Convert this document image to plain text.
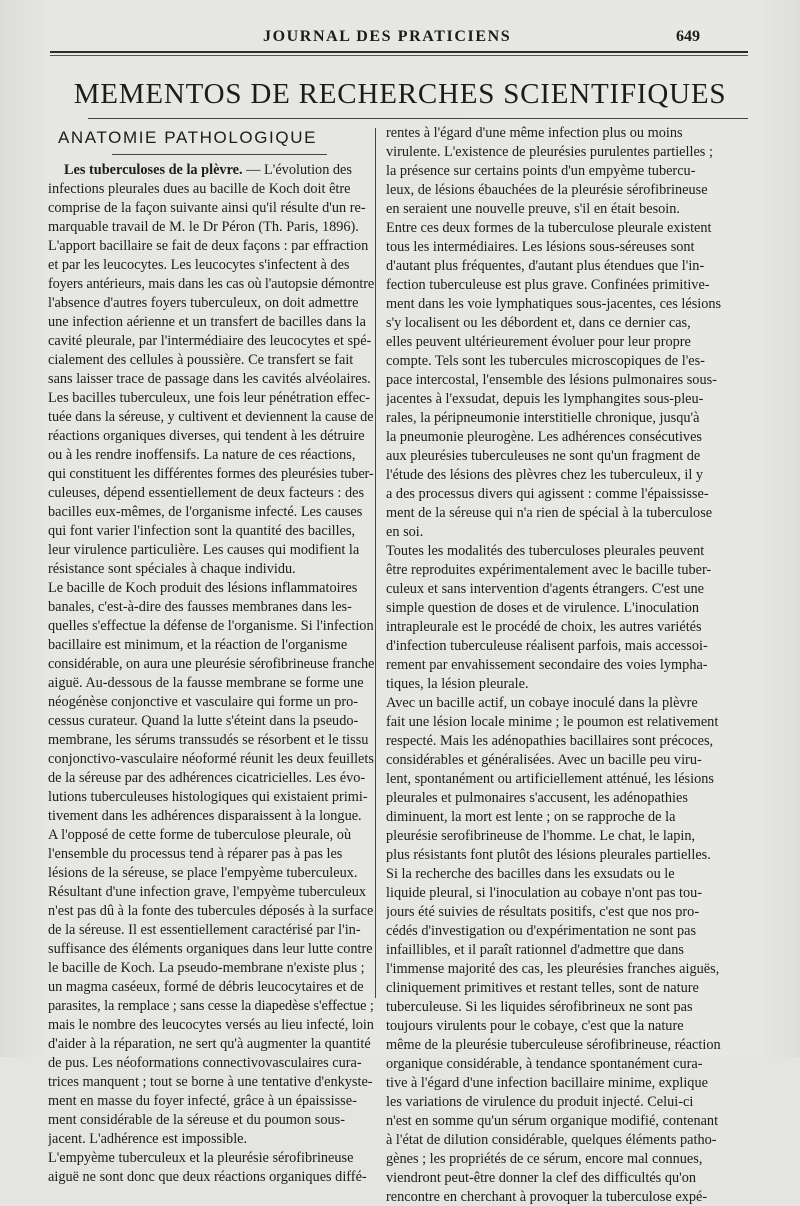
JOURNAL DES PRATICIENS	649
MEMENTOS DE RECHERCHES SCIENTIFIQUES
ANATOMIE PATHOLOGIQUE
Les tuberculoses de la plèvre. — L'évolution des
infections pleurales dues au bacille de Koch doit être
comprise de la façon suivante ainsi qu'il résulte d'un re-
marquable travail de M. le Dr Péron (Th. Paris, 1896).
L'apport bacillaire se fait de deux façons : par effraction
et par les leucocytes. Les leucocytes s'infectent à des
foyers antérieurs, mais dans les cas où l'autopsie démontre
l'absence d'autres foyers tuberculeux, on doit admettre
une infection aérienne et un transfert de bacilles dans la
cavité pleurale, par l'intermédiaire des leucocytes et spé-
cialement des cellules à poussière. Ce transfert se fait
sans laisser trace de passage dans les cavités alvéolaires.
Les bacilles tuberculeux, une fois leur pénétration effec-
tuée dans la séreuse, y cultivent et deviennent la cause de
réactions organiques diverses, qui tendent à les détruire
ou à les rendre inoffensifs. La nature de ces réactions,
qui constituent les différentes formes des pleurésies tuber-
culeuses, dépend essentiellement de deux facteurs : des
bacilles eux-mêmes, de l'organisme infecté. Les causes
qui font varier l'infection sont la quantité des bacilles,
leur virulence particulière. Les causes qui modifient la
résistance sont spéciales à chaque individu.
Le bacille de Koch produit des lésions inflammatoires
banales, c'est-à-dire des fausses membranes dans les-
quelles s'effectue la défense de l'organisme. Si l'infection
bacillaire est minimum, et la réaction de l'organisme
considérable, on aura une pleurésie sérofibrineuse franche
aiguë. Au-dessous de la fausse membrane se forme une
néogénèse conjonctive et vasculaire qui forme un pro-
cessus curateur. Quand la lutte s'éteint dans la pseudo-
membrane, les sérums transsudés se résorbent et le tissu
conjonctivo-vasculaire néoformé réunit les deux feuillets
de la séreuse par des adhérences cicatricielles. Les évo-
lutions tuberculeuses histologiques qui existaient primi-
tivement dans les adhérences disparaissent à la longue.
A l'opposé de cette forme de tuberculose pleurale, où
l'ensemble du processus tend à réparer pas à pas les
lésions de la séreuse, se place l'empyème tuberculeux.
Résultant d'une infection grave, l'empyème tuberculeux
n'est pas dû à la fonte des tubercules déposés à la surface
de la séreuse. Il est essentiellement caractérisé par l'in-
suffisance des éléments organiques dans leur lutte contre
le bacille de Koch. La pseudo-membrane n'existe plus ;
un magma caséeux, formé de débris leucocytaires et de
parasites, la remplace ; sans cesse la diapedèse s'effectue ;
mais le nombre des leucocytes versés au lieu infecté, loin
d'aider à la réparation, ne sert qu'à augmenter la quantité
de pus. Les néoformations connectivovasculaires cura-
trices manquent ; tout se borne à une tentative d'enkyste-
ment en masse du foyer infecté, grâce à un épaississe-
ment considérable de la séreuse et du poumon sous-
jacent. L'adhérence est impossible.
L'empyème tuberculeux et la pleurésie sérofibrineuse
aiguë ne sont donc que deux réactions organiques diffé-
rentes à l'égard d'une même infection plus ou moins
virulente. L'existence de pleurésies purulentes partielles ;
la présence sur certains points d'un empyème tubercu-
leux, de lésions ébauchées de la pleurésie sérofibrineuse
en seraient une nouvelle preuve, s'il en était besoin.
Entre ces deux formes de la tuberculose pleurale existent
tous les intermédiaires. Les lésions sous-séreuses sont
d'autant plus fréquentes, d'autant plus étendues que l'in-
fection tuberculeuse est plus grave. Confinées primitive-
ment dans les voie lymphatiques sous-jacentes, ces lésions
s'y localisent ou les débordent et, dans ce dernier cas,
elles peuvent ultérieurement évoluer pour leur propre
compte. Tels sont les tubercules microscopiques de l'es-
pace intercostal, l'ensemble des lésions pulmonaires sous-
jacentes à l'exsudat, depuis les lymphangites sous-pleu-
rales, la péripneumonie interstitielle chronique, jusqu'à
la pneumonie pleurogène. Les adhérences consécutives
aux pleurésies tuberculeuses ne sont qu'un fragment de
l'étude des lésions des plèvres chez les tuberculeux, il y
a des processus divers qui agissent : comme l'épaississe-
ment de la séreuse qui n'a rien de spécial à la tuberculose
en soi.
Toutes les modalités des tuberculoses pleurales peuvent
être reproduites expérimentalement avec le bacille tuber-
culeux et sans intervention d'agents étrangers. C'est une
simple question de doses et de virulence. L'inoculation
intrapleurale est le procédé de choix, les autres variétés
d'infection tuberculeuse réalisent parfois, mais accessoi-
rement par envahissement secondaire des voies lympha-
tiques, la lésion pleurale.
Avec un bacille actif, un cobaye inoculé dans la plèvre
fait une lésion locale minime ; le poumon est relativement
respecté. Mais les adénopathies bacillaires sont précoces,
considérables et généralisées. Avec un bacille peu viru-
lent, spontanément ou artificiellement atténué, les lésions
pleurales et pulmonaires s'accusent, les adénopathies
diminuent, la mort est lente ; on se rapproche de la
pleurésie serofibrineuse de l'homme. Le chat, le lapin,
plus résistants font plutôt des lésions pleurales partielles.
Si la recherche des bacilles dans les exsudats ou le
liquide pleural, si l'inoculation au cobaye n'ont pas tou-
jours été suivies de résultats positifs, c'est que nos pro-
cédés d'investigation ou d'expérimentation ne sont pas
infaillibles, et il paraît rationnel d'admettre que dans
l'immense majorité des cas, les pleurésies franches aiguës,
cliniquement primitives et restant telles, sont de nature
tuberculeuse. Si les liquides sérofibrineux ne sont pas
toujours virulents pour le cobaye, c'est que la nature
même de la pleurésie tuberculeuse sérofibrineuse, réaction
organique considérable, à tendance spontanément cura-
tive à l'égard d'une infection bacillaire minime, explique
les variations de virulence du produit injecté. Celui-ci
n'est en somme qu'un sérum organique modifié, contenant
à l'état de dilution considérable, quelques éléments patho-
gènes ; les propriétés de ce sérum, encore mal connues,
viendront peut-être donner la clef des difficultés qu'on
rencontre en cherchant à provoquer la tuberculose expé-
